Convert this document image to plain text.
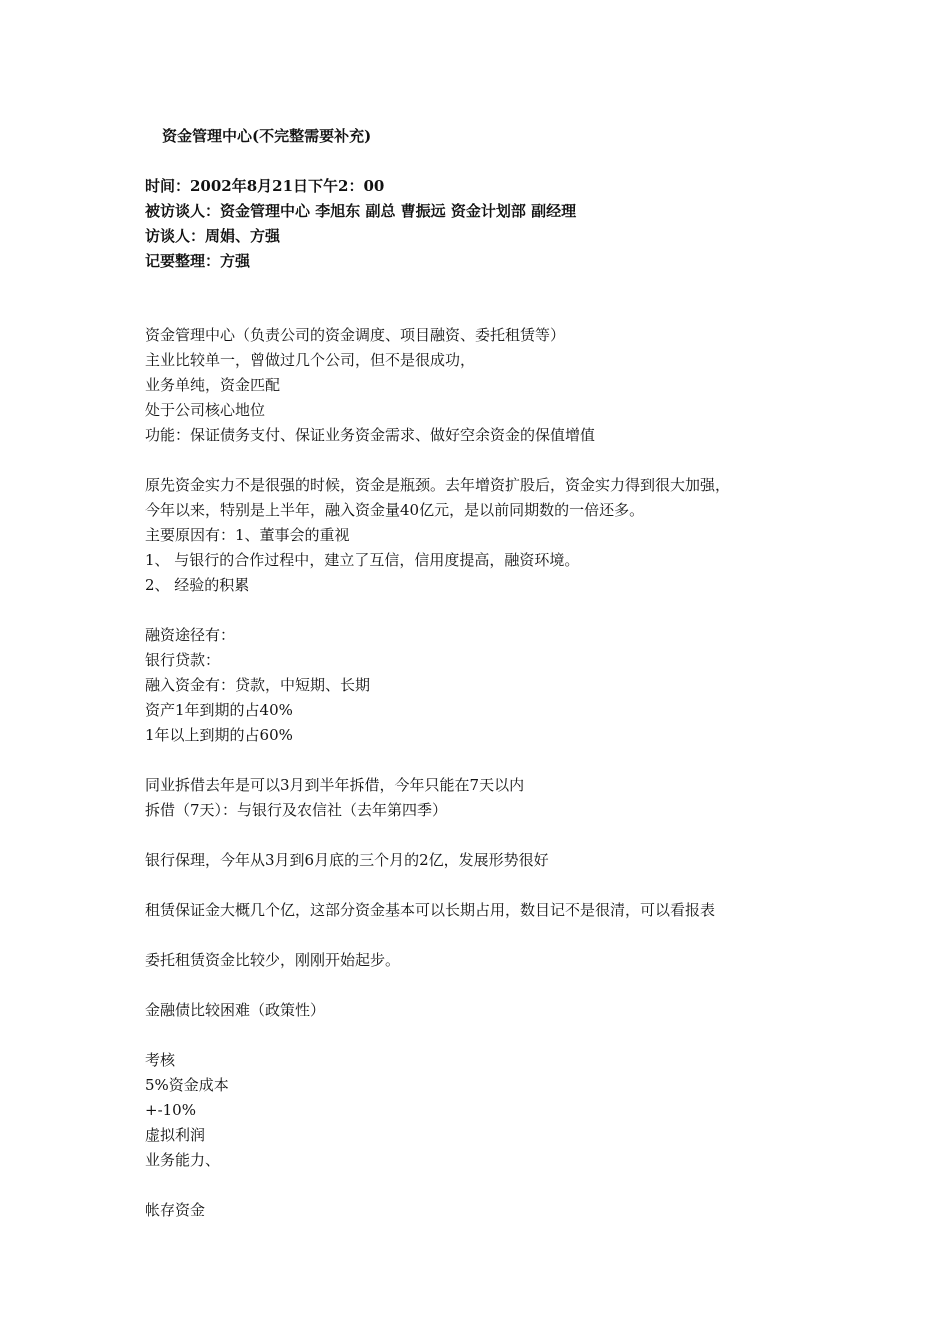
资金管理中心(不完整需要补充)
时间：2002年8月21日下午2：00
被访谈人：资金管理中心 李旭东 副总 曹振远 资金计划部 副经理
访谈人：周娟、方强
记要整理：方强
资金管理中心（负责公司的资金调度、项目融资、委托租赁等）
主业比较单一，曾做过几个公司，但不是很成功，
业务单纯，资金匹配
处于公司核心地位
功能：保证债务支付、保证业务资金需求、做好空余资金的保值增值
原先资金实力不是很强的时候，资金是瓶颈。去年增资扩股后，资金实力得到很大加强，
今年以来，特别是上半年，融入资金量40亿元，是以前同期数的一倍还多。
主要原因有：1、董事会的重视
1、 与银行的合作过程中，建立了互信，信用度提高，融资环境。
2、 经验的积累
融资途径有：
银行贷款：
融入资金有：贷款，中短期、长期
资产1年到期的占40%
1年以上到期的占60%
同业拆借去年是可以3月到半年拆借，今年只能在7天以内
拆借（7天）：与银行及农信社（去年第四季）
银行保理，今年从3月到6月底的三个月的2亿，发展形势很好
租赁保证金大概几个亿，这部分资金基本可以长期占用，数目记不是很清，可以看报表
委托租赁资金比较少，刚刚开始起步。
金融债比较困难（政策性）
考核
5%资金成本
+-10%
虚拟利润
业务能力、
帐存资金
